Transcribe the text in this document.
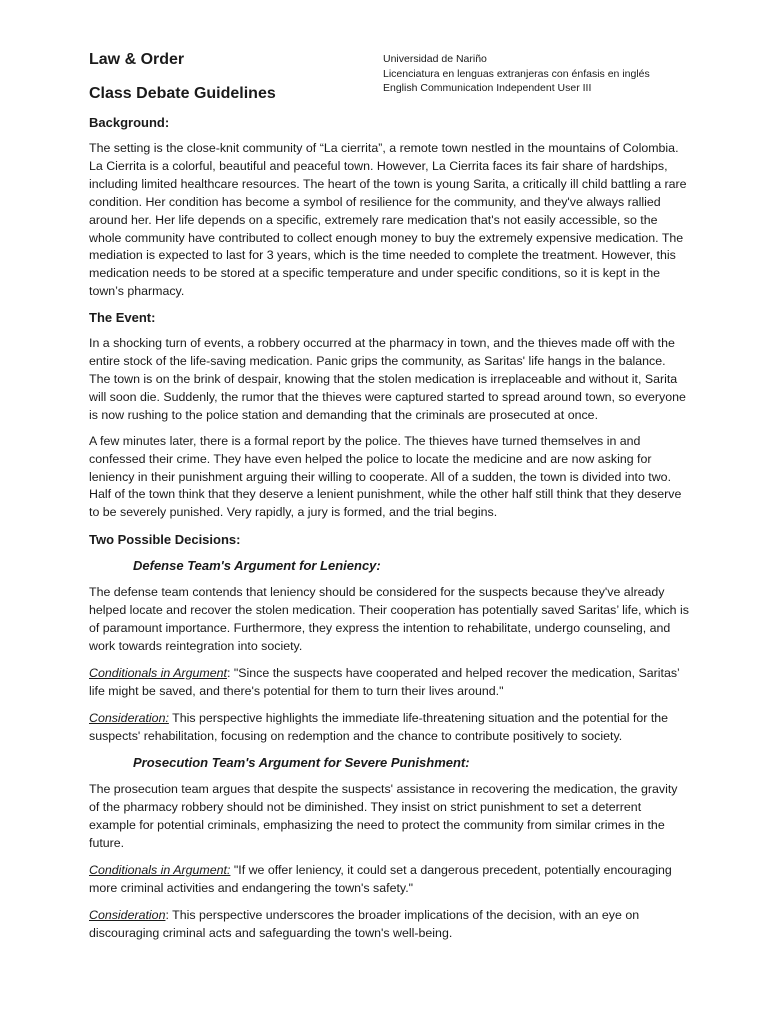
Law & Order
Class Debate Guidelines
Universidad de Nariño
Licenciatura en lenguas extranjeras con énfasis en inglés
English Communication Independent User III
Background:

The setting is the close-knit community of “La cierrita”, a remote town nestled in the mountains of Colombia. La Cierrita is a colorful, beautiful and peaceful town. However, La Cierrita faces its fair share of hardships, including limited healthcare resources. The heart of the town is young Sarita, a critically ill child battling a rare condition. Her condition has become a symbol of resilience for the community, and they've always rallied around her. Her life depends on a specific, extremely rare medication that's not easily accessible, so the whole community have contributed to collect enough money to buy the extremely expensive medication. The mediation is expected to last for 3 years, which is the time needed to complete the treatment. However, this medication needs to be stored at a specific temperature and under specific conditions, so it is kept in the town’s pharmacy.

The Event:

In a shocking turn of events, a robbery occurred at the pharmacy in town, and the thieves made off with the entire stock of the life-saving medication. Panic grips the community, as Saritas' life hangs in the balance. The town is on the brink of despair, knowing that the stolen medication is irreplaceable and without it, Sarita will soon die. Suddenly, the rumor that the thieves were captured started to spread around town, so everyone is now rushing to the police station and demanding that the criminals are prosecuted at once.

A few minutes later, there is a formal report by the police. The thieves have turned themselves in and confessed their crime. They have even helped the police to locate the medicine and are now asking for leniency in their punishment arguing their willing to cooperate. All of a sudden, the town is divided into two. Half of the town think that they deserve a lenient punishment, while the other half still think that they deserve to be severely punished. Very rapidly, a jury is formed, and the trial begins.

Two Possible Decisions:
Defense Team's Argument for Leniency:

The defense team contends that leniency should be considered for the suspects because they've already helped locate and recover the stolen medication. Their cooperation has potentially saved Saritas’ life, which is of paramount importance. Furthermore, they express the intention to rehabilitate, undergo counseling, and work towards reintegration into society.

Conditionals in Argument: "Since the suspects have cooperated and helped recover the medication, Saritas’ life might be saved, and there's potential for them to turn their lives around."

Consideration: This perspective highlights the immediate life-threatening situation and the potential for the suspects' rehabilitation, focusing on redemption and the chance to contribute positively to society.

Prosecution Team's Argument for Severe Punishment:

The prosecution team argues that despite the suspects' assistance in recovering the medication, the gravity of the pharmacy robbery should not be diminished. They insist on strict punishment to set a deterrent example for potential criminals, emphasizing the need to protect the community from similar crimes in the future.

Conditionals in Argument: "If we offer leniency, it could set a dangerous precedent, potentially encouraging more criminal activities and endangering the town's safety."

Consideration: This perspective underscores the broader implications of the decision, with an eye on discouraging criminal acts and safeguarding the town's well-being.
